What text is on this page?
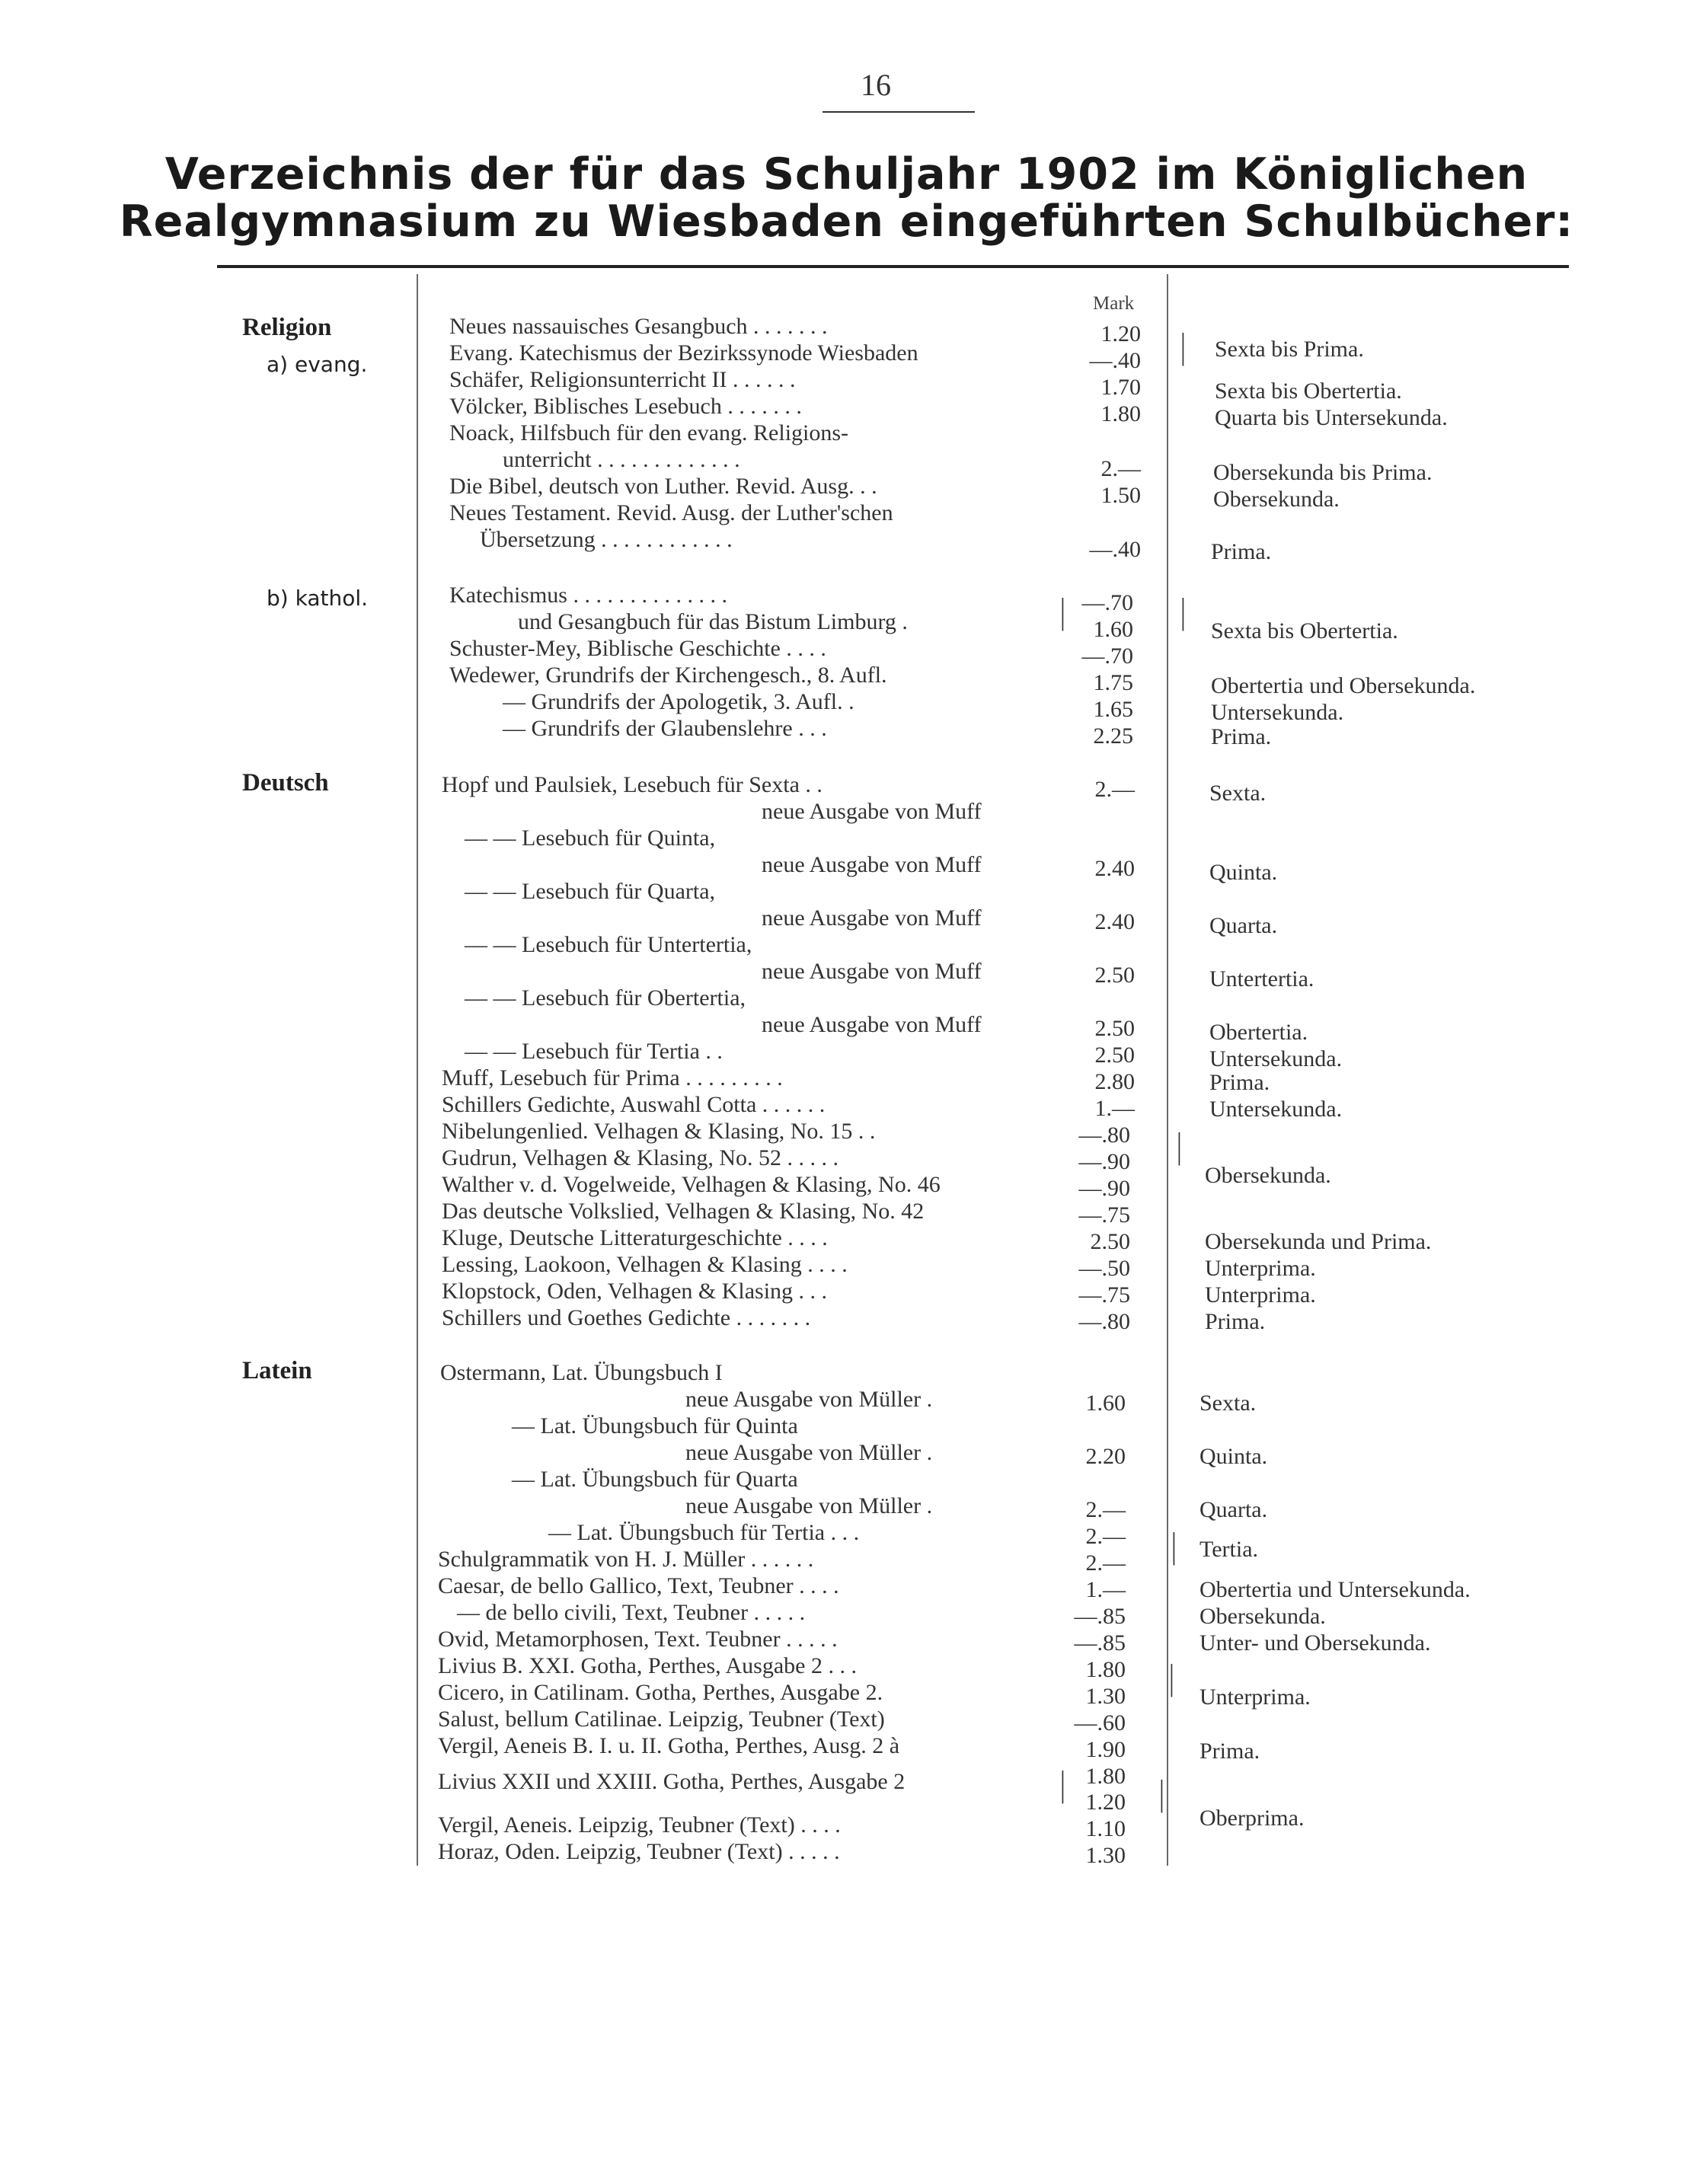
16
Verzeichnis der für das Schuljahr 1902 im Königlichen
Realgymnasium zu Wiesbaden eingeführten Schulbücher:
Mark
Religion
a) evang.
b) kathol.
Deutsch
Latein
Neues nassauisches Gesangbuch . . . . . . .
Evang. Katechismus der Bezirkssynode Wiesbaden
Schäfer, Religionsunterricht II . . . . . .
Völcker, Biblisches Lesebuch . . . . . . .
Noack, Hilfsbuch für den evang. Religions-
unterricht . . . . . . . . . . . . .
Die Bibel, deutsch von Luther. Revid. Ausg. . .
Neues Testament. Revid. Ausg. der Luther'schen
Übersetzung . . . . . . . . . . . .
Katechismus . . . . . . . . . . . . . .
und Gesangbuch für das Bistum Limburg .
Schuster-Mey, Biblische Geschichte . . . .
Wedewer, Grundrifs der Kirchengesch., 8. Aufl.
— Grundrifs der Apologetik, 3. Aufl. .
— Grundrifs der Glaubenslehre . . .
Hopf und Paulsiek, Lesebuch für Sexta . .
neue Ausgabe von Muff
— — Lesebuch für Quinta,
neue Ausgabe von Muff
— — Lesebuch für Quarta,
neue Ausgabe von Muff
— — Lesebuch für Untertertia,
neue Ausgabe von Muff
— — Lesebuch für Obertertia,
neue Ausgabe von Muff
— — Lesebuch für Tertia . .
Muff, Lesebuch für Prima . . . . . . . . .
Schillers Gedichte, Auswahl Cotta . . . . . .
Nibelungenlied. Velhagen & Klasing, No. 15 . .
Gudrun, Velhagen & Klasing, No. 52 . . . . .
Walther v. d. Vogelweide, Velhagen & Klasing, No. 46
Das deutsche Volkslied, Velhagen & Klasing, No. 42
Kluge, Deutsche Litteraturgeschichte . . . .
Lessing, Laokoon, Velhagen & Klasing . . . .
Klopstock, Oden, Velhagen & Klasing . . .
Schillers und Goethes Gedichte . . . . . . .
Ostermann, Lat. Übungsbuch I
neue Ausgabe von Müller .
— Lat. Übungsbuch für Quinta
neue Ausgabe von Müller .
— Lat. Übungsbuch für Quarta
neue Ausgabe von Müller .
— Lat. Übungsbuch für Tertia . . .
Schulgrammatik von H. J. Müller . . . . . .
Caesar, de bello Gallico, Text, Teubner . . . .
— de bello civili, Text, Teubner . . . . .
Ovid, Metamorphosen, Text. Teubner . . . . .
Livius B. XXI. Gotha, Perthes, Ausgabe 2 . . .
Cicero, in Catilinam. Gotha, Perthes, Ausgabe 2.
Salust, bellum Catilinae. Leipzig, Teubner (Text)
Vergil, Aeneis B. I. u. II. Gotha, Perthes, Ausg. 2 à
Livius XXII und XXIII. Gotha, Perthes, Ausgabe 2
Vergil, Aeneis. Leipzig, Teubner (Text) . . . .
Horaz, Oden. Leipzig, Teubner (Text) . . . . .
1.20
—.40
1.70
1.80
2.—
1.50
—.40
—.70
1.60
—.70
1.75
1.65
2.25
2.—
2.40
2.40
2.50
2.50
2.50
2.80
1.—
—.80
—.90
—.90
—.75
2.50
—.50
—.75
—.80
1.60
2.20
2.—
2.—
2.—
1.—
—.85
—.85
1.80
1.30
—.60
1.90
1.80
1.20
1.10
1.30
Sexta bis Prima.
Sexta bis Obertertia.
Quarta bis Untersekunda.
Obersekunda bis Prima.
Obersekunda.
Prima.
Sexta bis Obertertia.
Obertertia und Obersekunda.
Untersekunda.
Prima.
Sexta.
Quinta.
Quarta.
Untertertia.
Obertertia.
Untersekunda.
Prima.
Untersekunda.
Obersekunda.
Obersekunda und Prima.
Unterprima.
Unterprima.
Prima.
Sexta.
Quinta.
Quarta.
Tertia.
Obertertia und Untersekunda.
Obersekunda.
Unter- und Obersekunda.
Unterprima.
Prima.
Oberprima.
|
|
|
|
|
|
|	|
